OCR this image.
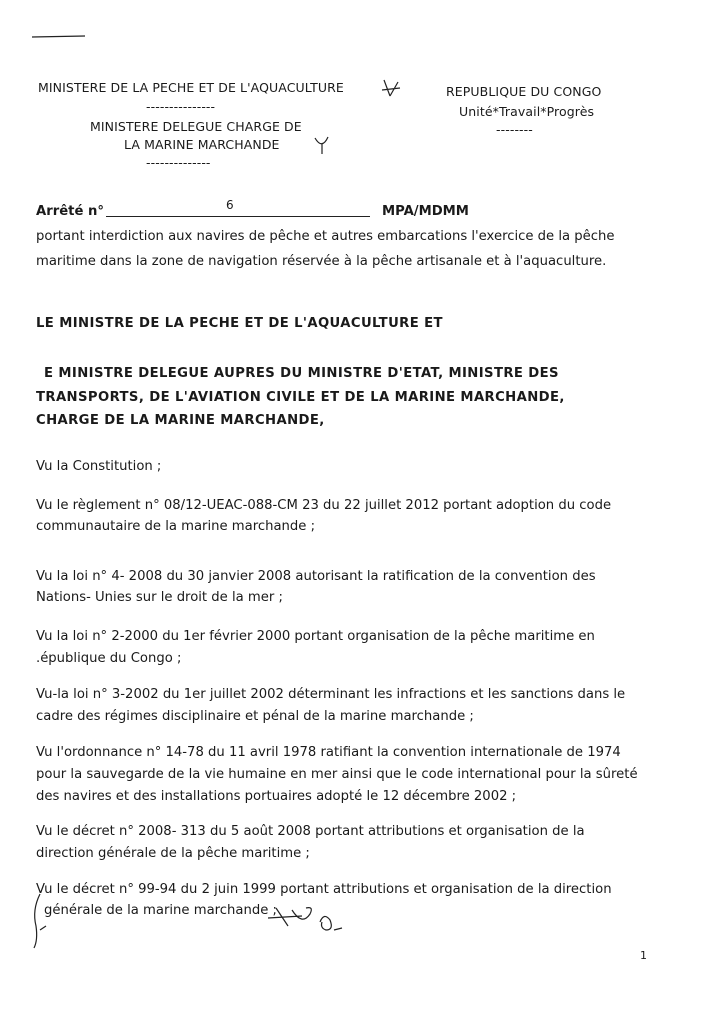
MINISTERE DE LA PECHE ET DE L'AQUACULTURE
---------------
MINISTERE DELEGUE CHARGE DE
LA MARINE MARCHANDE
--------------
REPUBLIQUE DU CONGO
Unité*Travail*Progrès
--------
Arrêté n°	6	MPA/MDMM
portant interdiction aux navires de pêche et autres embarcations l'exercice de la pêche
maritime dans la zone de navigation réservée à la pêche artisanale et à l'aquaculture.
LE MINISTRE DE LA PECHE ET DE L'AQUACULTURE ET
E MINISTRE DELEGUE AUPRES DU MINISTRE D'ETAT, MINISTRE DES
TRANSPORTS, DE L'AVIATION CIVILE ET DE LA MARINE MARCHANDE,
CHARGE DE LA MARINE MARCHANDE,
Vu la Constitution ;
Vu le règlement n° 08/12-UEAC-088-CM 23 du 22 juillet 2012 portant adoption du code
communautaire de la marine marchande ;
Vu la loi n° 4- 2008 du 30 janvier 2008 autorisant la ratification de la convention des
Nations- Unies sur le droit de la mer ;
Vu la loi n° 2-2000 du 1er février 2000 portant organisation de la pêche maritime en
.épublique du Congo ;
Vu-la loi n° 3-2002 du 1er juillet 2002 déterminant les infractions et les sanctions dans le
cadre des régimes disciplinaire et pénal de la marine marchande ;
Vu l'ordonnance n° 14-78 du 11 avril 1978 ratifiant la convention internationale de 1974
pour la sauvegarde de la vie humaine en mer ainsi que le code international pour la sûreté
des navires et des installations portuaires adopté le 12 décembre 2002 ;
Vu le décret n° 2008- 313 du 5 août 2008 portant attributions et organisation de la
direction générale de la pêche maritime ;
Vu le décret n° 99-94 du 2 juin 1999 portant attributions et organisation de la direction
générale de la marine marchande ;
1
